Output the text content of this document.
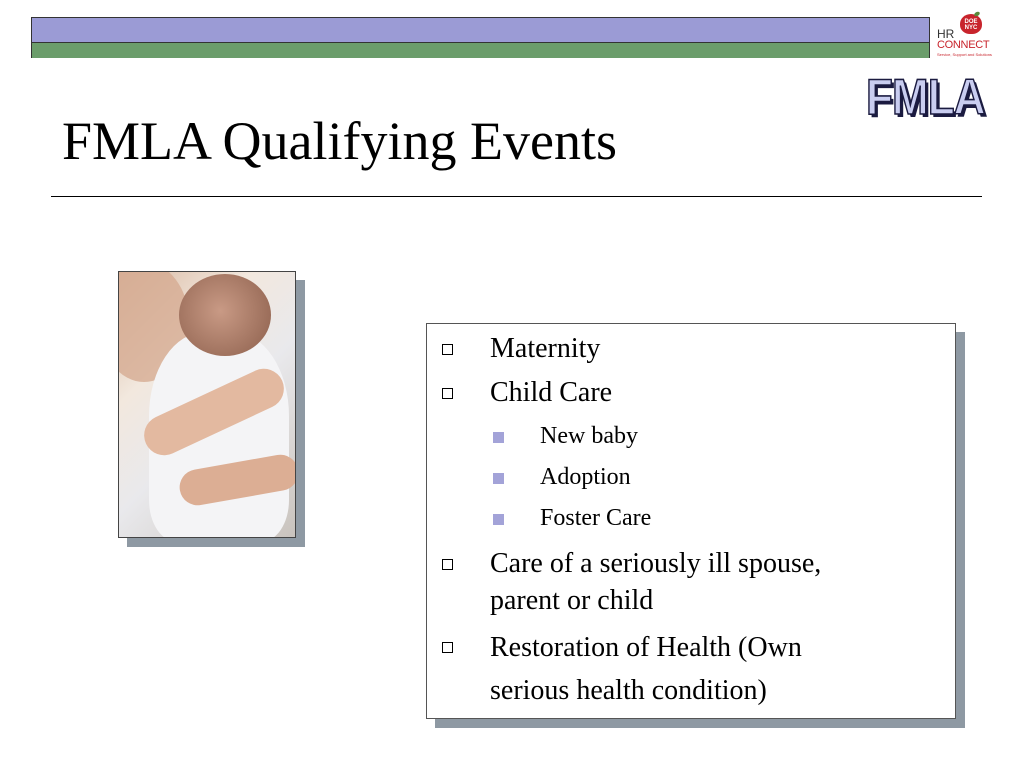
DOE NYC
HR
CONNECT
Service, Support and Solutions
FMLA
FMLA Qualifying Events
Maternity
Child Care
New baby
Adoption
Foster Care
Care of a seriously ill spouse,
parent or child
Restoration of Health (Own
serious health condition)
